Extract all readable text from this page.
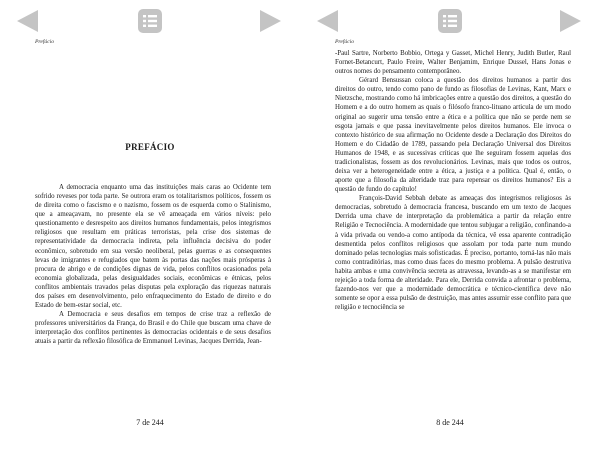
Prefácio
PREFÁCIO

A democracia enquanto uma das instituições mais caras ao Ocidente tem sofrido reveses por toda parte. Se outrora eram os totalitarismos políticos, fossem os de direita como o fascismo e o nazismo, fossem os de esquerda como o Stalinismo, que a ameaçavam, no presente ela se vê ameaçada em vários níveis: pelo questionamento e desrespeito aos direitos humanos fundamentais, pelos integrismos religiosos que resultam em práticas terroristas, pela crise dos sistemas de representatividade da democracia indireta, pela influência decisiva do poder econômico, sobretudo em sua versão neoliberal, pelas guerras e as consequentes levas de imigrantes e refugiados que batem às portas das nações mais prósperas à procura de abrigo e de condições dignas de vida, pelos conflitos ocasionados pela economia globalizada, pelas desigualdades sociais, econômicas e étnicas, pelos conflitos ambientais travados pelas disputas pela exploração das riquezas naturais dos países em desenvolvimento, pelo enfraquecimento do Estado de direito e do Estado de bem-estar social, etc.

A Democracia e seus desafios em tempos de crise traz a reflexão de professores universitários da França, do Brasil e do Chile que buscam uma chave de interpretação dos conflitos pertinentes às democracias ocidentais e de seus desafios atuais a partir da reflexão filosófica de Emmanuel Levinas, Jacques Derrida, Jean-

7 de 244
Prefácio

-Paul Sartre, Norberto Bobbio, Ortega y Gasset, Michel Henry, Judith Butler, Raul Fornet-Betancurt, Paulo Freire, Walter Benjamim, Enrique Dussel, Hans Jonas e outros nomes do pensamento contemporâneo.

Gérard Bensussan coloca a questão dos direitos humanos a partir dos direitos do outro, tendo como pano de fundo as filosofias de Levinas, Kant, Marx e Nietzsche, mostrando como há imbricações entre a questão dos direitos, a questão do Homem e a do outro homem as quais o filósofo franco-lituano articula de um modo original ao sugerir uma tensão entre a ética e a política que não se perde nem se esgota jamais e que passa inevitavelmente pelos direitos humanos. Ele invoca o contexto histórico de sua afirmação no Ocidente desde a Declaração dos Direitos do Homem e do Cidadão de 1789, passando pela Declaração Universal dos Direitos Humanos de 1948, e as sucessivas críticas que lhe seguiram fossem aquelas dos tradicionalistas, fossem as dos revolucionários. Levinas, mais que todos os outros, deixa ver a heterogeneidade entre a ética, a justiça e a política. Qual é, então, o aporte que a filosofia da alteridade traz para repensar os direitos humanos? Eis a questão de fundo do capítulo!

François-David Sebbah debate as ameaças dos integrismos religiosos às democracias, sobretudo à democracia francesa, buscando em um texto de Jacques Derrida uma chave de interpretação da problemática a partir da relação entre Religião e Tecnociência. A modernidade que tentou subjugar a religião, confinando-a à vida privada ou vendo-a como antípoda da técnica, vê essa aparente contradição desmentida pelos conflitos religiosos que assolam por toda parte num mundo dominado pelas tecnologias mais sofisticadas. É preciso, portanto, torná-las não mais como contraditórias, mas como duas faces do mesmo problema. A pulsão destrutiva habita ambas e uma convivência secreta as atravessa, levando-as a se manifestar em rejeição a toda forma de alteridade. Para ele, Derrida convida a afrontar o problema, fazendo-nos ver que a modernidade democrática e técnico-científica deve não somente se opor a essa pulsão de destruição, mas antes assumir esse conflito para que religião e tecnociência se

8 de 244
